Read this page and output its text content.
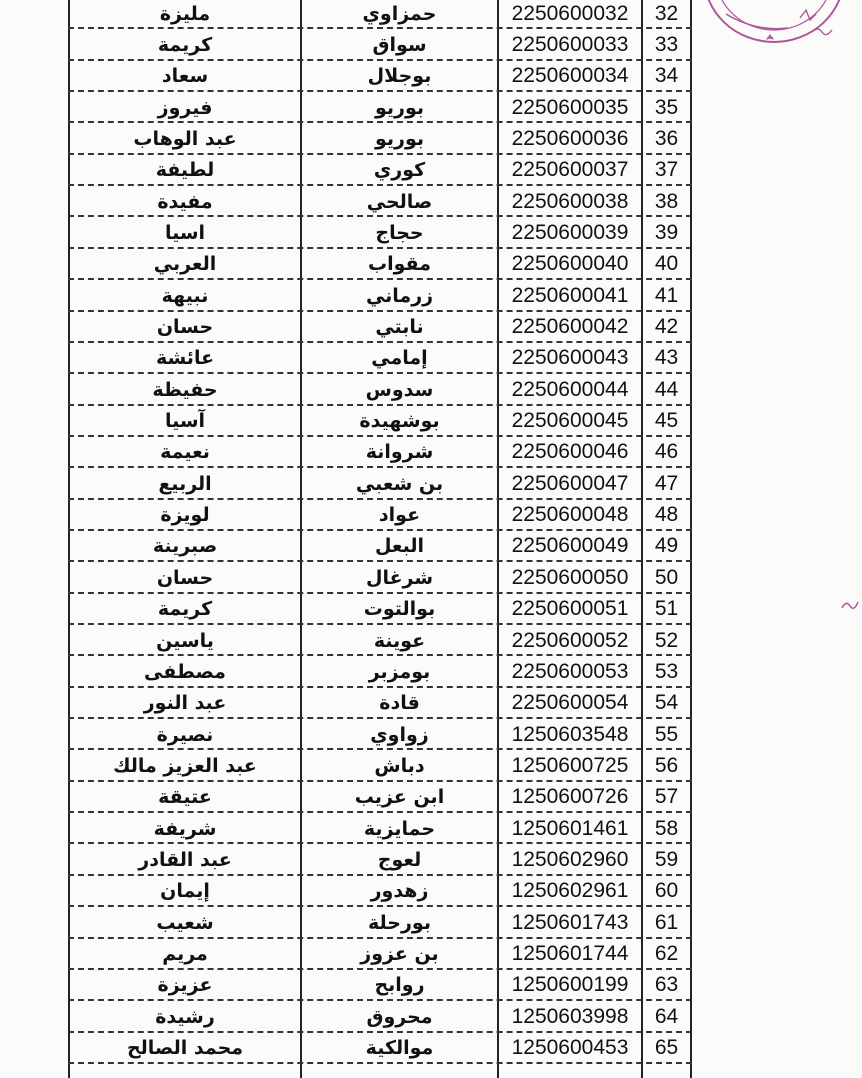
مليزة	حمزاوي	2250600032	32
كريمة	سواق	2250600033	33
سعاد	بوجلال	2250600034	34
فيروز	بوريو	2250600035	35
عبد الوهاب	بوريو	2250600036	36
لطيفة	كوري	2250600037	37
مفيدة	صالحي	2250600038	38
اسيا	حجاج	2250600039	39
العربي	مقواب	2250600040	40
نبيهة	زرماني	2250600041	41
حسان	نابتي	2250600042	42
عائشة	إمامي	2250600043	43
حفيظة	سدوس	2250600044	44
آسيا	بوشهيدة	2250600045	45
نعيمة	شروانة	2250600046	46
الربيع	بن شعبي	2250600047	47
لويزة	عواد	2250600048	48
صبرينة	البعل	2250600049	49
حسان	شرغال	2250600050	50
كريمة	بوالتوت	2250600051	51
ياسين	عوينة	2250600052	52
مصطفى	بومزبر	2250600053	53
عبد النور	قادة	2250600054	54
نصيرة	زواوي	1250603548	55
عبد العزيز مالك	دباش	1250600725	56
عتيقة	ابن عزيب	1250600726	57
شريفة	حمايزية	1250601461	58
عبد القادر	لعوج	1250602960	59
إيمان	زهدور	1250602961	60
شعيب	بورحلة	1250601743	61
مريم	بن عزوز	1250601744	62
عزيزة	روابح	1250600199	63
رشيدة	محروق	1250603998	64
محمد الصالح	موالكية	1250600453	65
